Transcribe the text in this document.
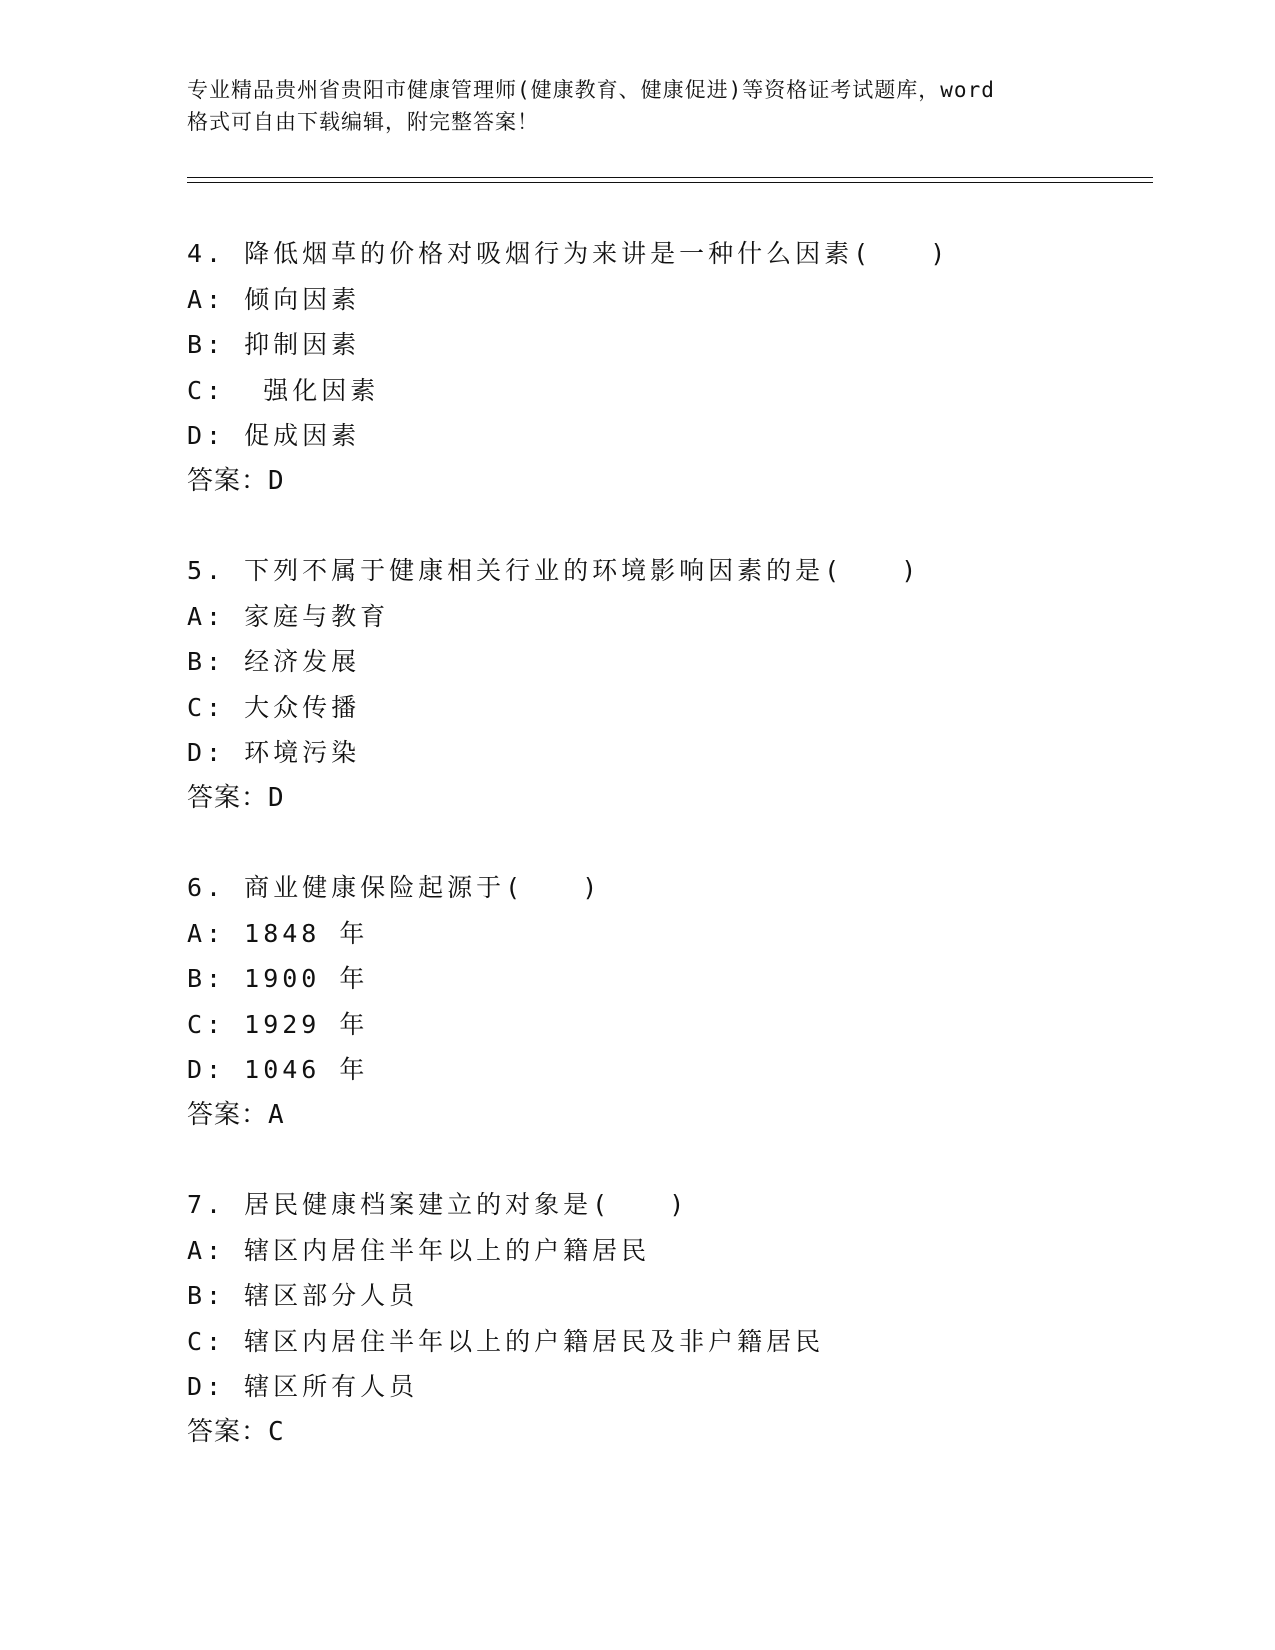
专业精品贵州省贵阳市健康管理师(健康教育、健康促进)等资格证考试题库，word
格式可自由下载编辑，附完整答案！
4. 降低烟草的价格对吸烟行为来讲是一种什么因素(　　)
A: 倾向因素
B: 抑制因素
C:  强化因素
D: 促成因素
答案：D
5. 下列不属于健康相关行业的环境影响因素的是(　　)
A: 家庭与教育
B: 经济发展
C: 大众传播
D: 环境污染
答案：D
6. 商业健康保险起源于(　　)
A: 1848 年
B: 1900 年
C: 1929 年
D: 1046 年
答案：A
7. 居民健康档案建立的对象是(　　)
A: 辖区内居住半年以上的户籍居民
B: 辖区部分人员
C: 辖区内居住半年以上的户籍居民及非户籍居民
D: 辖区所有人员
答案：C
